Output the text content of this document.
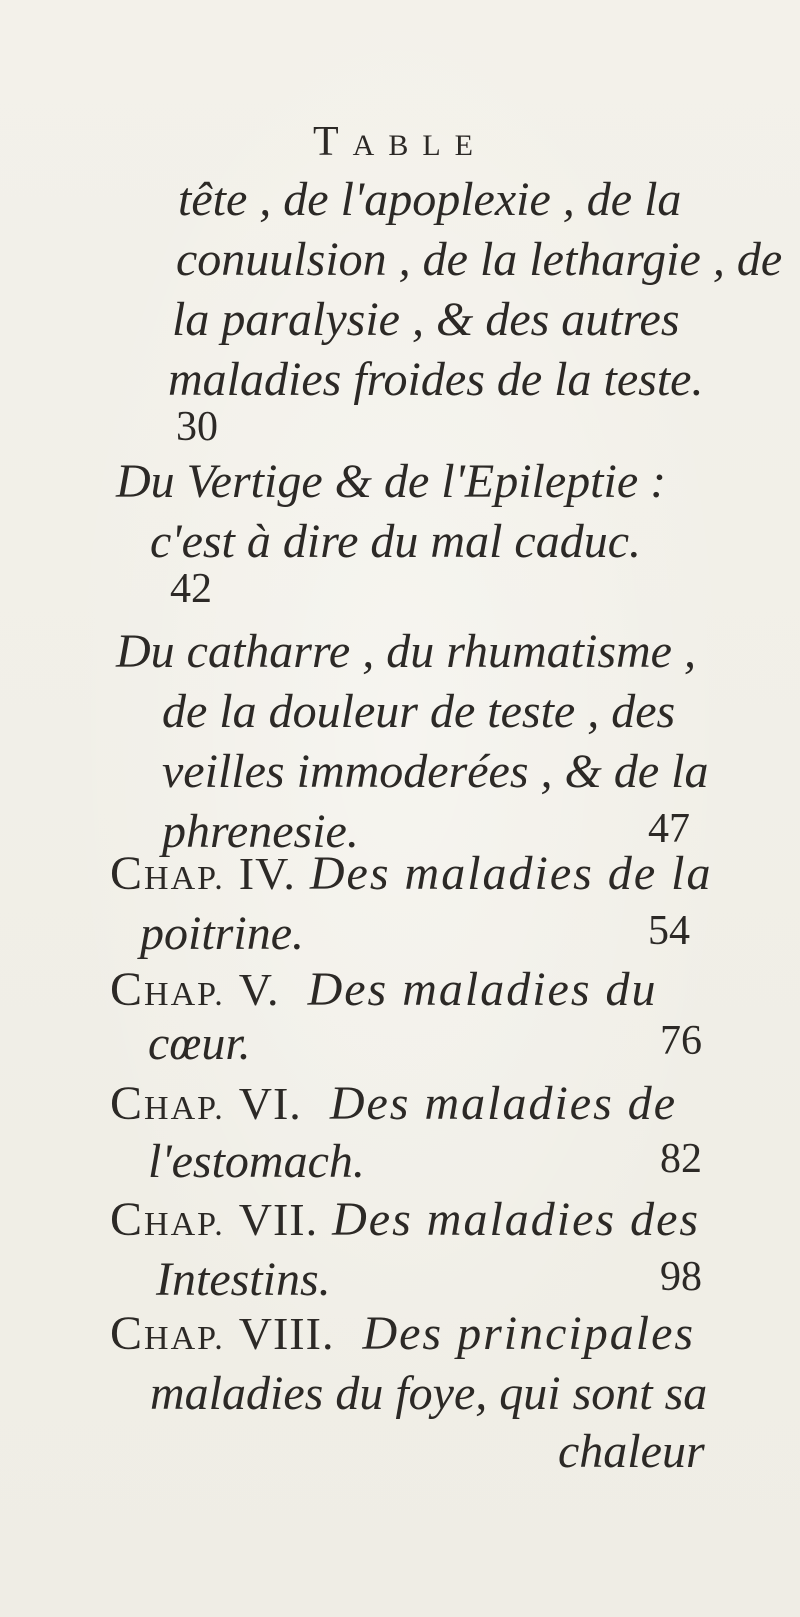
TABLE
tête , de l'apoplexie , de la
conuulsion , de la lethargie , de
la paralysie , & des autres
maladies froides de la teste.
30
Du Vertige & de l'Epileptie :
c'est à dire du mal caduc.
42
Du catharre , du rhumatisme ,
de la douleur de teste , des
veilles immoderées , & de la
phrenesie.	47
CHAP. IV. Des maladies de la
poitrine.	54
CHAP. V. Des maladies du
cœur.	76
CHAP. VI. Des maladies de
l'estomach.	82
CHAP. VII. Des maladies des
Intestins.	98
CHAP. VIII. Des principales
maladies du foye, qui sont sa
chaleur
